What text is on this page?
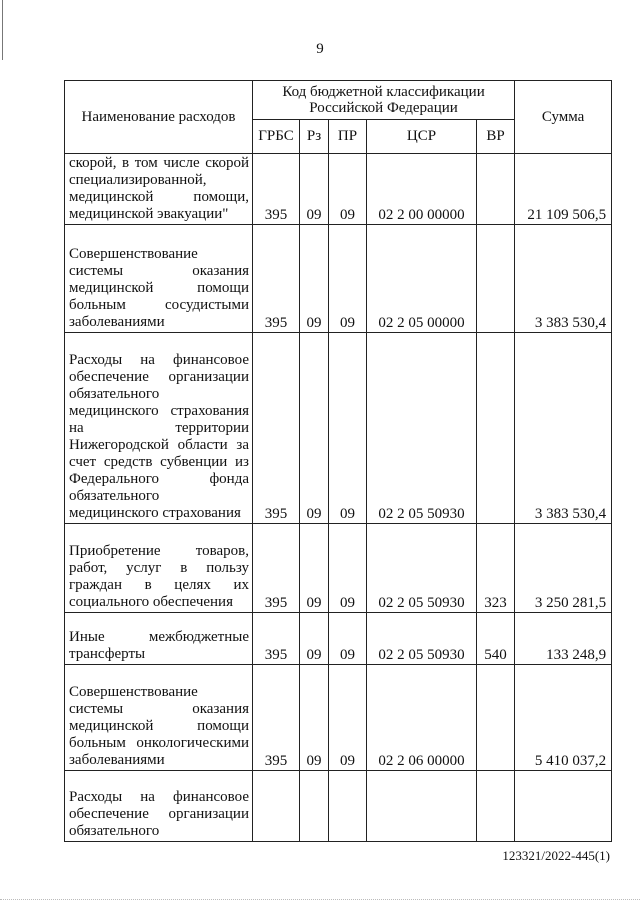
9
Наименование расходов	Код бюджетной классификации
Российской Федерации					Сумма
	ГРБС	Рз	ПР	ЦСР	ВР	

скорой, в том числе скорой специализированной, медицинской помощи, медицинской эвакуации"	395	09	09	02 2 00 00000		21 109 506,5

Совершенствование системы оказания медицинской помощи больным сосудистыми заболеваниями	395	09	09	02 2 05 00000		3 383 530,4

Расходы на финансовое обеспечение организации обязательного медицинского страхования на территории Нижегородской области за счет средств субвенции из Федерального фонда обязательного медицинского страхования	395	09	09	02 2 05 50930		3 383 530,4

Приобретение товаров, работ, услуг в пользу граждан в целях их социального обеспечения	395	09	09	02 2 05 50930	323	3 250 281,5

Иные межбюджетные трансферты	395	09	09	02 2 05 50930	540	133 248,9

Совершенствование системы оказания медицинской помощи больным онкологическими заболеваниями	395	09	09	02 2 06 00000		5 410 037,2

Расходы на финансовое обеспечение организации обязательного						

123321/2022-445(1)
